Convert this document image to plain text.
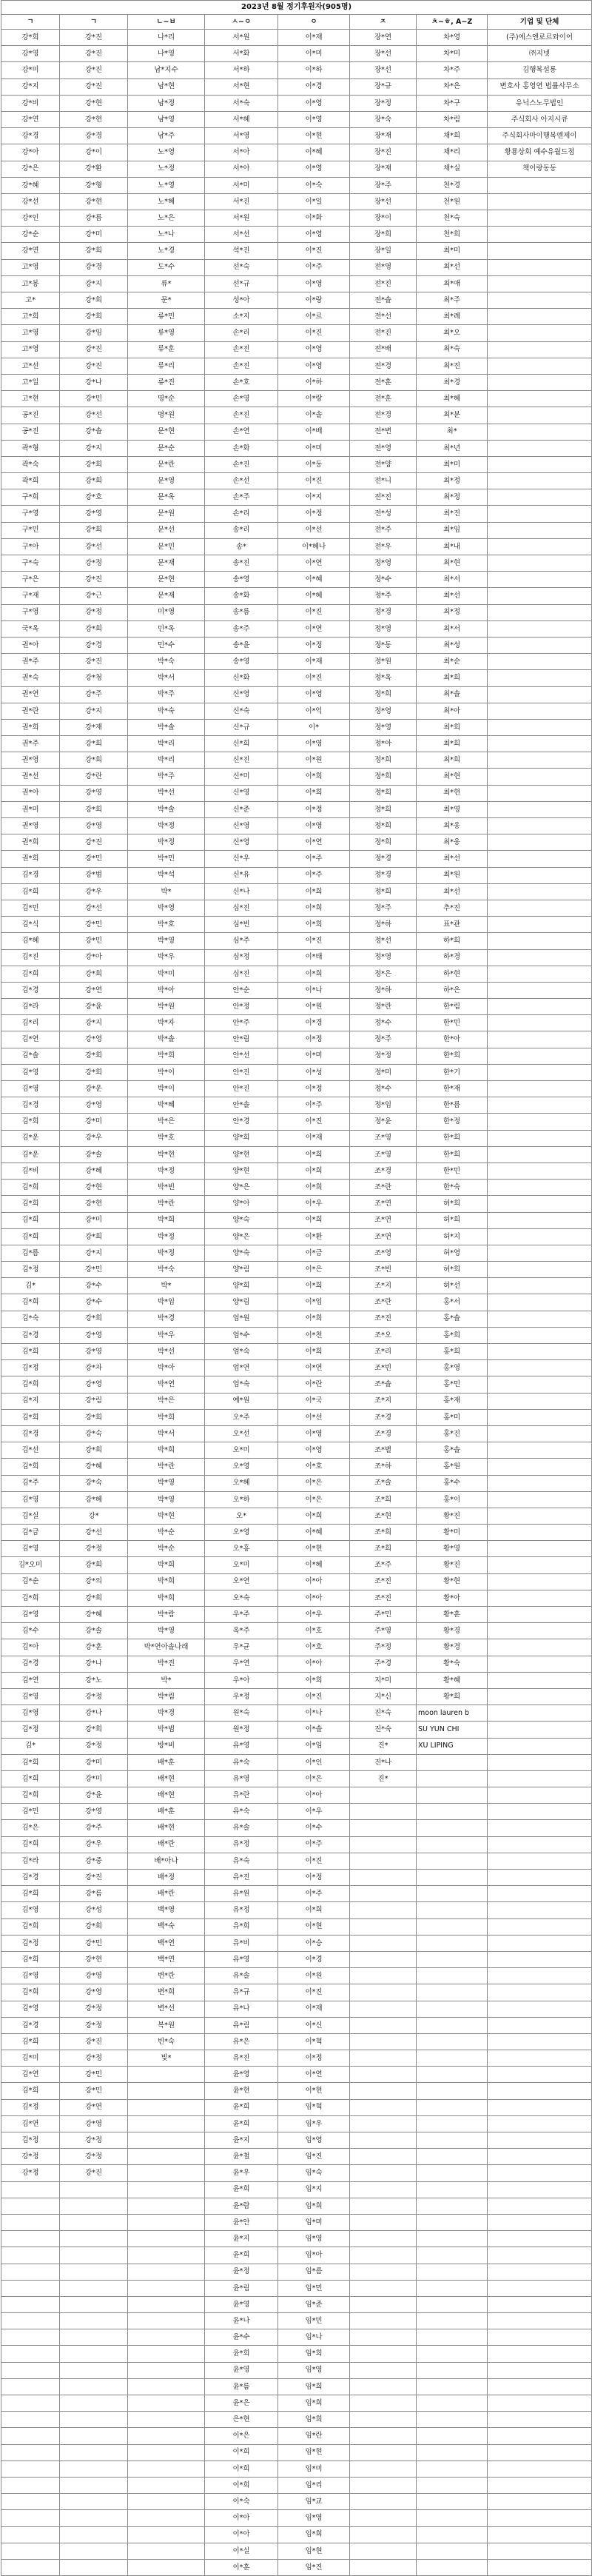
2023년 8월 정기후원자(905명)							
ㄱ	ㄱ	ㄴ~ㅂ	ㅅ~ㅇ	ㅇ	ㅈ	ㅊ~ㅎ, A~Z	기업 및 단체
강*희	강*진	나*리	서*원	이*재	장*연	차*영	(주)에스앤로르와이어
강*영	강*진	나*영	서*화	이*미	장*선	차*미	㈜지넷
강*미	강*진	남*지수	서*하	이*하	장*선	차*주	김행복설롱
강*지	강*진	남*현	서*현	이*경	장*규	차*은	변호사 홍영연 법률사무소
강*비	강*현	남*정	서*숙	이*영	장*정	차*구	유닉스노무법인
강*연	강*현	남*영	서*혜	이*영	장*숙	차*림	주식회사 아지시큐
강*경	강*경	남*주	서*영	이*현	장*재	채*희	주식회사마이행복엔제이
강*아	강*이	노*영	서*아	이*혜	장*진	채*리	황룡상회 예수유월드점
강*은	강*환	노*정	서*아	이*영	장*재	채*실	책이랑동동
강*혜	강*형	노*영	서*미	이*숙	장*주	천*경	
강*선	강*현	노*혜	서*진	이*일	장*선	천*원	
강*인	강*름	노*은	서*원	이*화	장*이	천*숙	
강*순	강*미	노*나	서*선	이*영	장*희	천*희	
강*연	강*희	노*경	석*진	이*진	장*일	최*미	
고*영	강*경	도*수	선*숙	이*주	전*영	최*선	
고*봉	강*지	류*	선*규	이*영	전*진	최*애	
고*	강*희	문*	성*아	이*랑	전*솔	최*주	
고*희	강*희	류*민	소*지	이*르	전*선	최*례	
고*영	강*임	류*영	손*리	이*진	전*진	최*오	
고*영	강*진	류*훈	손*진	이*영	전*배	최*숙	
고*선	강*진	류*리	손*진	이*영	전*경	최*진	
고*일	강*나	류*진	손*호	이*하	전*훈	최*경	
고*현	강*민	명*순	손*영	이*랑	전*훈	최*혜	
공*진	강*선	명*원	손*진	이*솔	전*경	최*분	
공*진	강*솔	문*현	손*연	이*배	전*변	최*	
곽*형	강*지	문*순	손*화	이*미	전*영	최*년	
곽*숙	강*희	문*란	손*진	이*동	전*양	최*미	
곽*희	강*희	문*영	손*선	이*진	전*니	최*정	
구*희	강*호	문*옥	손*주	이*지	전*진	최*정	
구*영	강*영	문*원	손*리	이*정	전*성	최*진	
구*민	강*희	문*선	송*리	이*선	전*주	최*임	
구*아	강*선	문*민	송*	이*혜나	전*우	최*내	
구*숙	강*정	문*재	송*진	이*연	정*영	최*현	
구*은	강*진	문*현	송*영	이*혜	정*수	최*서	
구*재	강*근	문*재	송*화	이*혜	정*주	최*선	
구*영	강*정	미*영	송*름	이*진	정*경	최*정	
국*옥	강*희	민*옥	송*주	이*연	정*영	최*서	
권*아	강*경	민*수	송*윤	이*정	정*동	최*성	
권*주	강*진	박*숙	송*영	이*재	정*원	최*순	
권*숙	강*청	박*서	신*화	이*진	정*옥	최*희	
권*연	강*주	박*주	신*영	이*영	정*희	최*솔	
권*란	강*지	박*숙	신*숙	이*익	정*영	최*아	
권*희	강*재	박*솔	신*규	이*	정*영	최*희	
권*주	강*희	박*리	신*희	이*영	정*아	최*희	
권*영	강*희	박*리	신*진	이*원	정*희	최*희	
권*선	강*란	박*주	신*미	이*희	정*희	최*현	
권*아	강*영	박*선	신*영	이*희	정*희	최*현	
권*미	강*희	박*솔	신*준	이*정	정*희	최*영	
권*영	강*영	박*정	신*영	이*영	정*희	최*웅	
권*희	강*진	박*정	신*영	이*연	정*희	최*웅	
권*희	강*민	박*민	신*우	이*주	정*경	최*선	
김*경	강*범	박*석	신*유	이*주	정*경	최*원	
김*희	강*우	박*	신*나	이*희	정*희	최*선	
김*민	강*선	박*영	심*진	이*희	정*주	추*진	
김*식	강*민	박*호	심*빈	이*희	정*하	표*관	
김*혜	강*민	박*영	심*주	이*진	정*선	하*희	
김*진	강*아	박*우	심*정	이*태	정*영	하*경	
김*희	강*희	박*미	심*진	이*희	정*은	하*현	
김*경	강*연	박*아	안*순	이*나	정*하	하*은	
김*라	강*윤	박*원	안*정	이*원	정*란	한*림	
김*리	강*지	박*자	안*주	이*경	정*수	한*민	
김*연	강*영	박*솔	안*림	이*정	정*주	한*아	
김*솔	강*희	박*희	안*선	이*미	정*정	한*희	
김*영	강*희	박*이	안*진	이*성	정*미	한*기	
김*영	강*운	박*이	안*진	이*정	정*수	한*재	
김*경	강*영	박*혜	안*솔	이*주	정*임	한*름	
김*희	강*미	박*은	안*경	이*진	정*윤	한*정	
김*운	강*우	박*호	양*희	이*재	조*영	한*희	
김*운	강*솔	박*현	양*현	이*희	조*영	한*희	
김*비	강*혜	박*정	양*현	이*희	조*경	한*민	
김*희	강*현	박*빈	양*은	이*희	조*란	한*숙	
김*희	강*현	박*란	양*아	이*우	조*연	허*희	
김*희	강*미	박*희	양*숙	이*희	조*연	허*희	
김*희	강*희	박*정	양*은	이*환	조*연	허*지	
김*름	강*지	박*정	양*숙	이*금	조*영	허*영	
김*정	강*민	박*숙	양*림	이*은	조*빈	허*희	
김*	강*수	박*	양*희	이*희	조*지	허*선	
김*희	강*수	박*임	양*림	이*임	조*란	홍*서	
김*숙	강*희	박*경	엄*원	이*희	조*진	홍*솔	
김*경	강*영	박*우	엄*수	이*천	조*오	홍*희	
김*희	강*영	박*선	엄*숙	이*희	조*리	홍*희	
김*정	강*자	박*아	엄*연	이*연	조*빈	홍*영	
김*희	강*영	박*연	엄*숙	이*란	조*솔	홍*민	
김*지	강*림	박*은	예*원	이*국	조*지	홍*재	
김*희	강*희	박*희	오*주	이*선	조*경	홍*미	
김*경	강*숙	박*서	오*선	이*영	조*경	홍*진	
김*선	강*희	박*희	오*미	이*영	조*별	홍*솔	
김*희	강*혜	박*란	오*영	이*호	조*하	홍*원	
김*주	강*숙	박*영	오*혜	이*은	조*솔	홍*수	
김*영	강*혜	박*영	오*하	이*은	조*희	홍*이	
김*실	강*	박*현	오*	이*희	조*현	황*진	
김*금	강*선	박*순	오*영	이*혜	조*희	황*미	
김*영	강*정	박*순	오*홍	이*현	조*희	황*영	
김*오미	강*희	박*희	오*미	이*혜	조*주	황*진	
김*순	강*의	박*희	오*연	이*아	조*진	황*현	
김*희	강*희	박*희	오*숙	이*아	조*진	황*아	
김*영	강*혜	박*람	우*주	이*우	주*민	황*훈	
김*수	강*솔	박*영	옥*주	이*호	주*영	황*경	
김*아	강*훈	박*연아솔나래	우*균	이*호	주*정	황*경	
김*경	강*나	박*진	우*연	이*아	주*경	황*숙	
김*연	강*노	박*	우*아	이*희	지*미	황*혜	
김*영	강*정	박*림	우*정	이*진	지*신	황*희	
김*영	강*나	박*경	원*숙	이*나	진*숙	moon lauren b	
김*정	강*희	박*범	원*정	이*솔	진*숙	SU YUN CHI	
김*	강*정	방*비	유*영	이*임	진*	XU LIPING	
김*희	강*미	배*훈	유*숙	이*인	진*나		
김*희	강*미	배*현	유*영	이*은	진*		
김*희	강*윤	배*현	유*란	이*아			
김*민	강*영	배*훈	유*숙	이*우			
김*은	강*주	배*현	유*솔	이*수			
김*희	강*우	배*란	유*정	이*주			
김*라	강*중	배*아나	유*숙	이*진			
김*경	강*진	배*정	유*진	이*정			
김*희	강*름	배*란	유*원	이*주			
김*영	강*성	백*영	유*정	이*희			
김*희	강*희	백*숙	유*희	이*현			
김*정	강*민	백*연	유*비	이*승			
김*희	강*현	백*연	유*영	이*경			
김*영	강*영	변*란	유*솔	이*원			
김*희	강*영	변*희	유*규	이*진			
김*영	강*정	변*선	유*나	이*재			
김*경	강*정	복*원	유*림	이*신			
김*희	강*진	빈*숙	유*은	이*혁			
김*미	강*정	빛*	유*진	이*정			
김*연	강*민		윤*영	이*연			
김*희	강*민		윤*현	이*현			
김*정	강*연		윤*희	임*혁			
김*연	강*영		윤*희	임*우			
김*정	강*정		윤*지	임*영			
강*정	강*정		윤*철	임*진			
강*정	강*진		윤*우	임*숙			
			윤*희	임*지			
			윤*람	임*희			
			윤*안	임*미			
			윤*지	임*영			
			윤*희	임*아			
			윤*정	임*름			
			윤*림	임*민			
			윤*영	임*준			
			윤*나	임*민			
			윤*수	임*나			
			윤*희	임*희			
			윤*영	임*영			
			윤*름	임*희			
			윤*은	임*희			
			은*현	임*희			
			이*은	임*란			
			이*희	임*현			
			이*희	임*미			
			이*희	임*리			
			이*숙	임*교			
			이*아	임*영			
			이*아	임*희			
			이*실	임*현			
			이*훈	임*진			
